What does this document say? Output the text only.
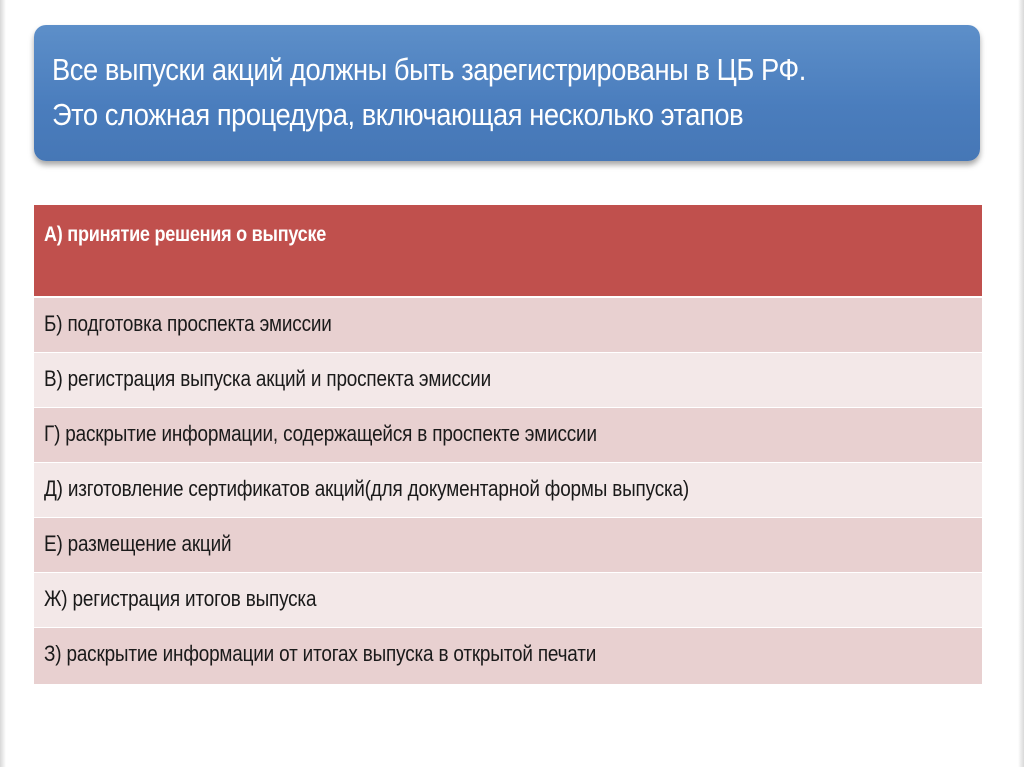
Все выпуски акций должны быть зарегистрированы в ЦБ РФ.
Это сложная процедура, включающая несколько этапов
А) принятие решения о выпуске
Б) подготовка проспекта эмиссии
В) регистрация выпуска акций и проспекта эмиссии
Г) раскрытие информации, содержащейся в проспекте эмиссии
Д) изготовление сертификатов акций(для документарной формы выпуска)
Е) размещение акций
Ж) регистрация итогов выпуска
З) раскрытие информации от итогах выпуска в открытой печати
